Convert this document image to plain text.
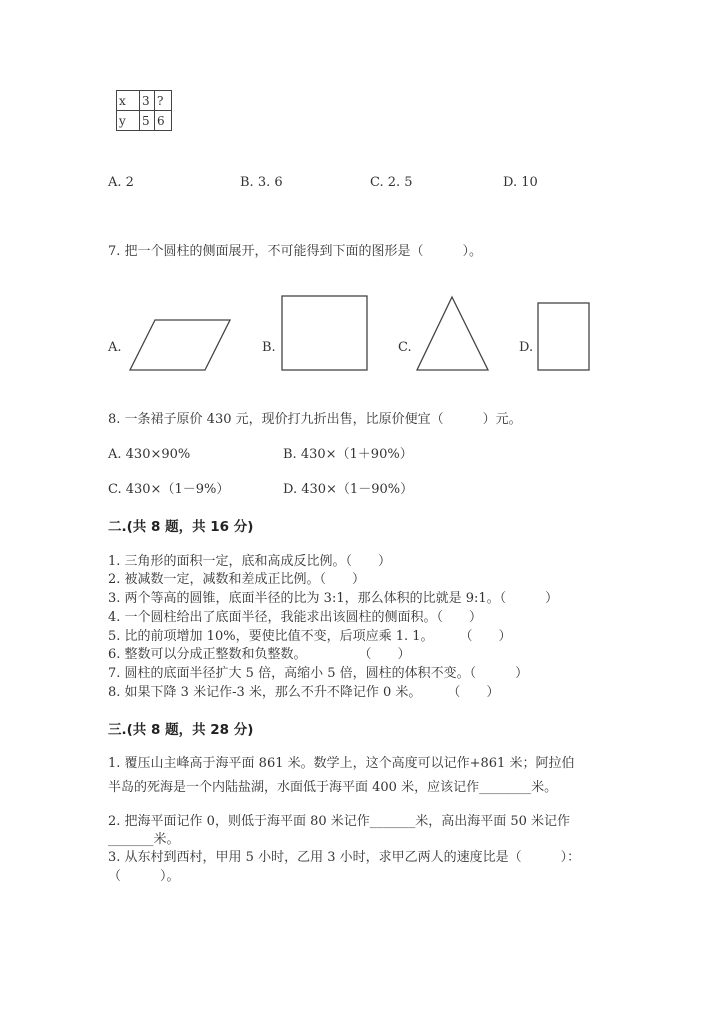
x	3	?
y	5	6
A. 2	B. 3. 6	C. 2. 5	D. 10
7. 把一个圆柱的侧面展开，不可能得到下面的图形是（　　　）。
A.	B.	C.	D.
8. 一条裙子原价 430 元，现价打九折出售，比原价便宜（　　　）元。
A. 430×90%	B. 430×（1＋90%）
C. 430×（1－9%）	D. 430×（1－90%）
二.(共 8 题，共 16 分)
1. 三角形的面积一定，底和高成反比例。（　　）
2. 被减数一定，减数和差成正比例。（　　）
3. 两个等高的圆锥，底面半径的比为 3:1，那么体积的比就是 9:1。（　　　）
4. 一个圆柱给出了底面半径，我能求出该圆柱的侧面积。（　　）
5. 比的前项增加 10%，要使比值不变，后项应乘 1. 1。　　　（　　）
6. 整数可以分成正整数和负整数。　　　　　（　　）
7. 圆柱的底面半径扩大 5 倍，高缩小 5 倍，圆柱的体积不变。（　　　）
8. 如果下降 3 米记作-3 米，那么不升不降记作 0 米。　　　（　　）
三.(共 8 题，共 28 分)
1. 覆压山主峰高于海平面 861 米。数学上，这个高度可以记作+861 米；阿拉伯
半岛的死海是一个内陆盐湖，水面低于海平面 400 米，应该记作________米。
2. 把海平面记作 0，则低于海平面 80 米记作_______米，高出海平面 50 米记作
_______米。
3. 从东村到西村，甲用 5 小时，乙用 3 小时，求甲乙两人的速度比是（　　　）：
（　　　）。
